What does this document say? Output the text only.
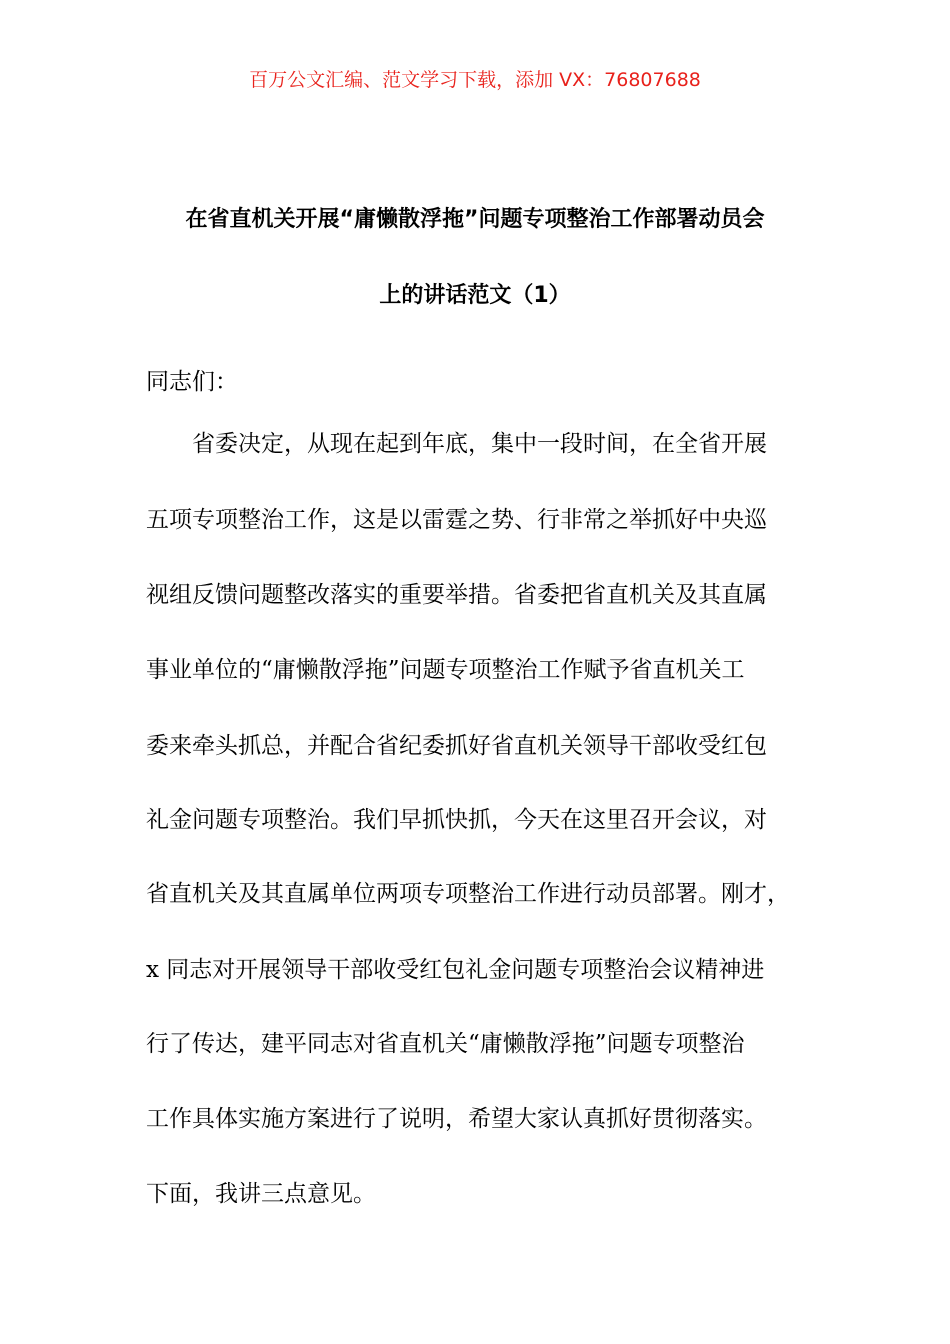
百万公文汇编、范文学习下载，添加 VX：76807688
在省直机关开展“庸懒散浮拖”问题专项整治工作部署动员会
上的讲话范文（1）
同志们：
　　省委决定，从现在起到年底，集中一段时间，在全省开展
五项专项整治工作，这是以雷霆之势、行非常之举抓好中央巡
视组反馈问题整改落实的重要举措。省委把省直机关及其直属
事业单位的“庸懒散浮拖”问题专项整治工作赋予省直机关工
委来牵头抓总，并配合省纪委抓好省直机关领导干部收受红包
礼金问题专项整治。我们早抓快抓，今天在这里召开会议，对
省直机关及其直属单位两项专项整治工作进行动员部署。刚才，
x 同志对开展领导干部收受红包礼金问题专项整治会议精神进
行了传达，建平同志对省直机关“庸懒散浮拖”问题专项整治
工作具体实施方案进行了说明，希望大家认真抓好贯彻落实。
下面，我讲三点意见。
